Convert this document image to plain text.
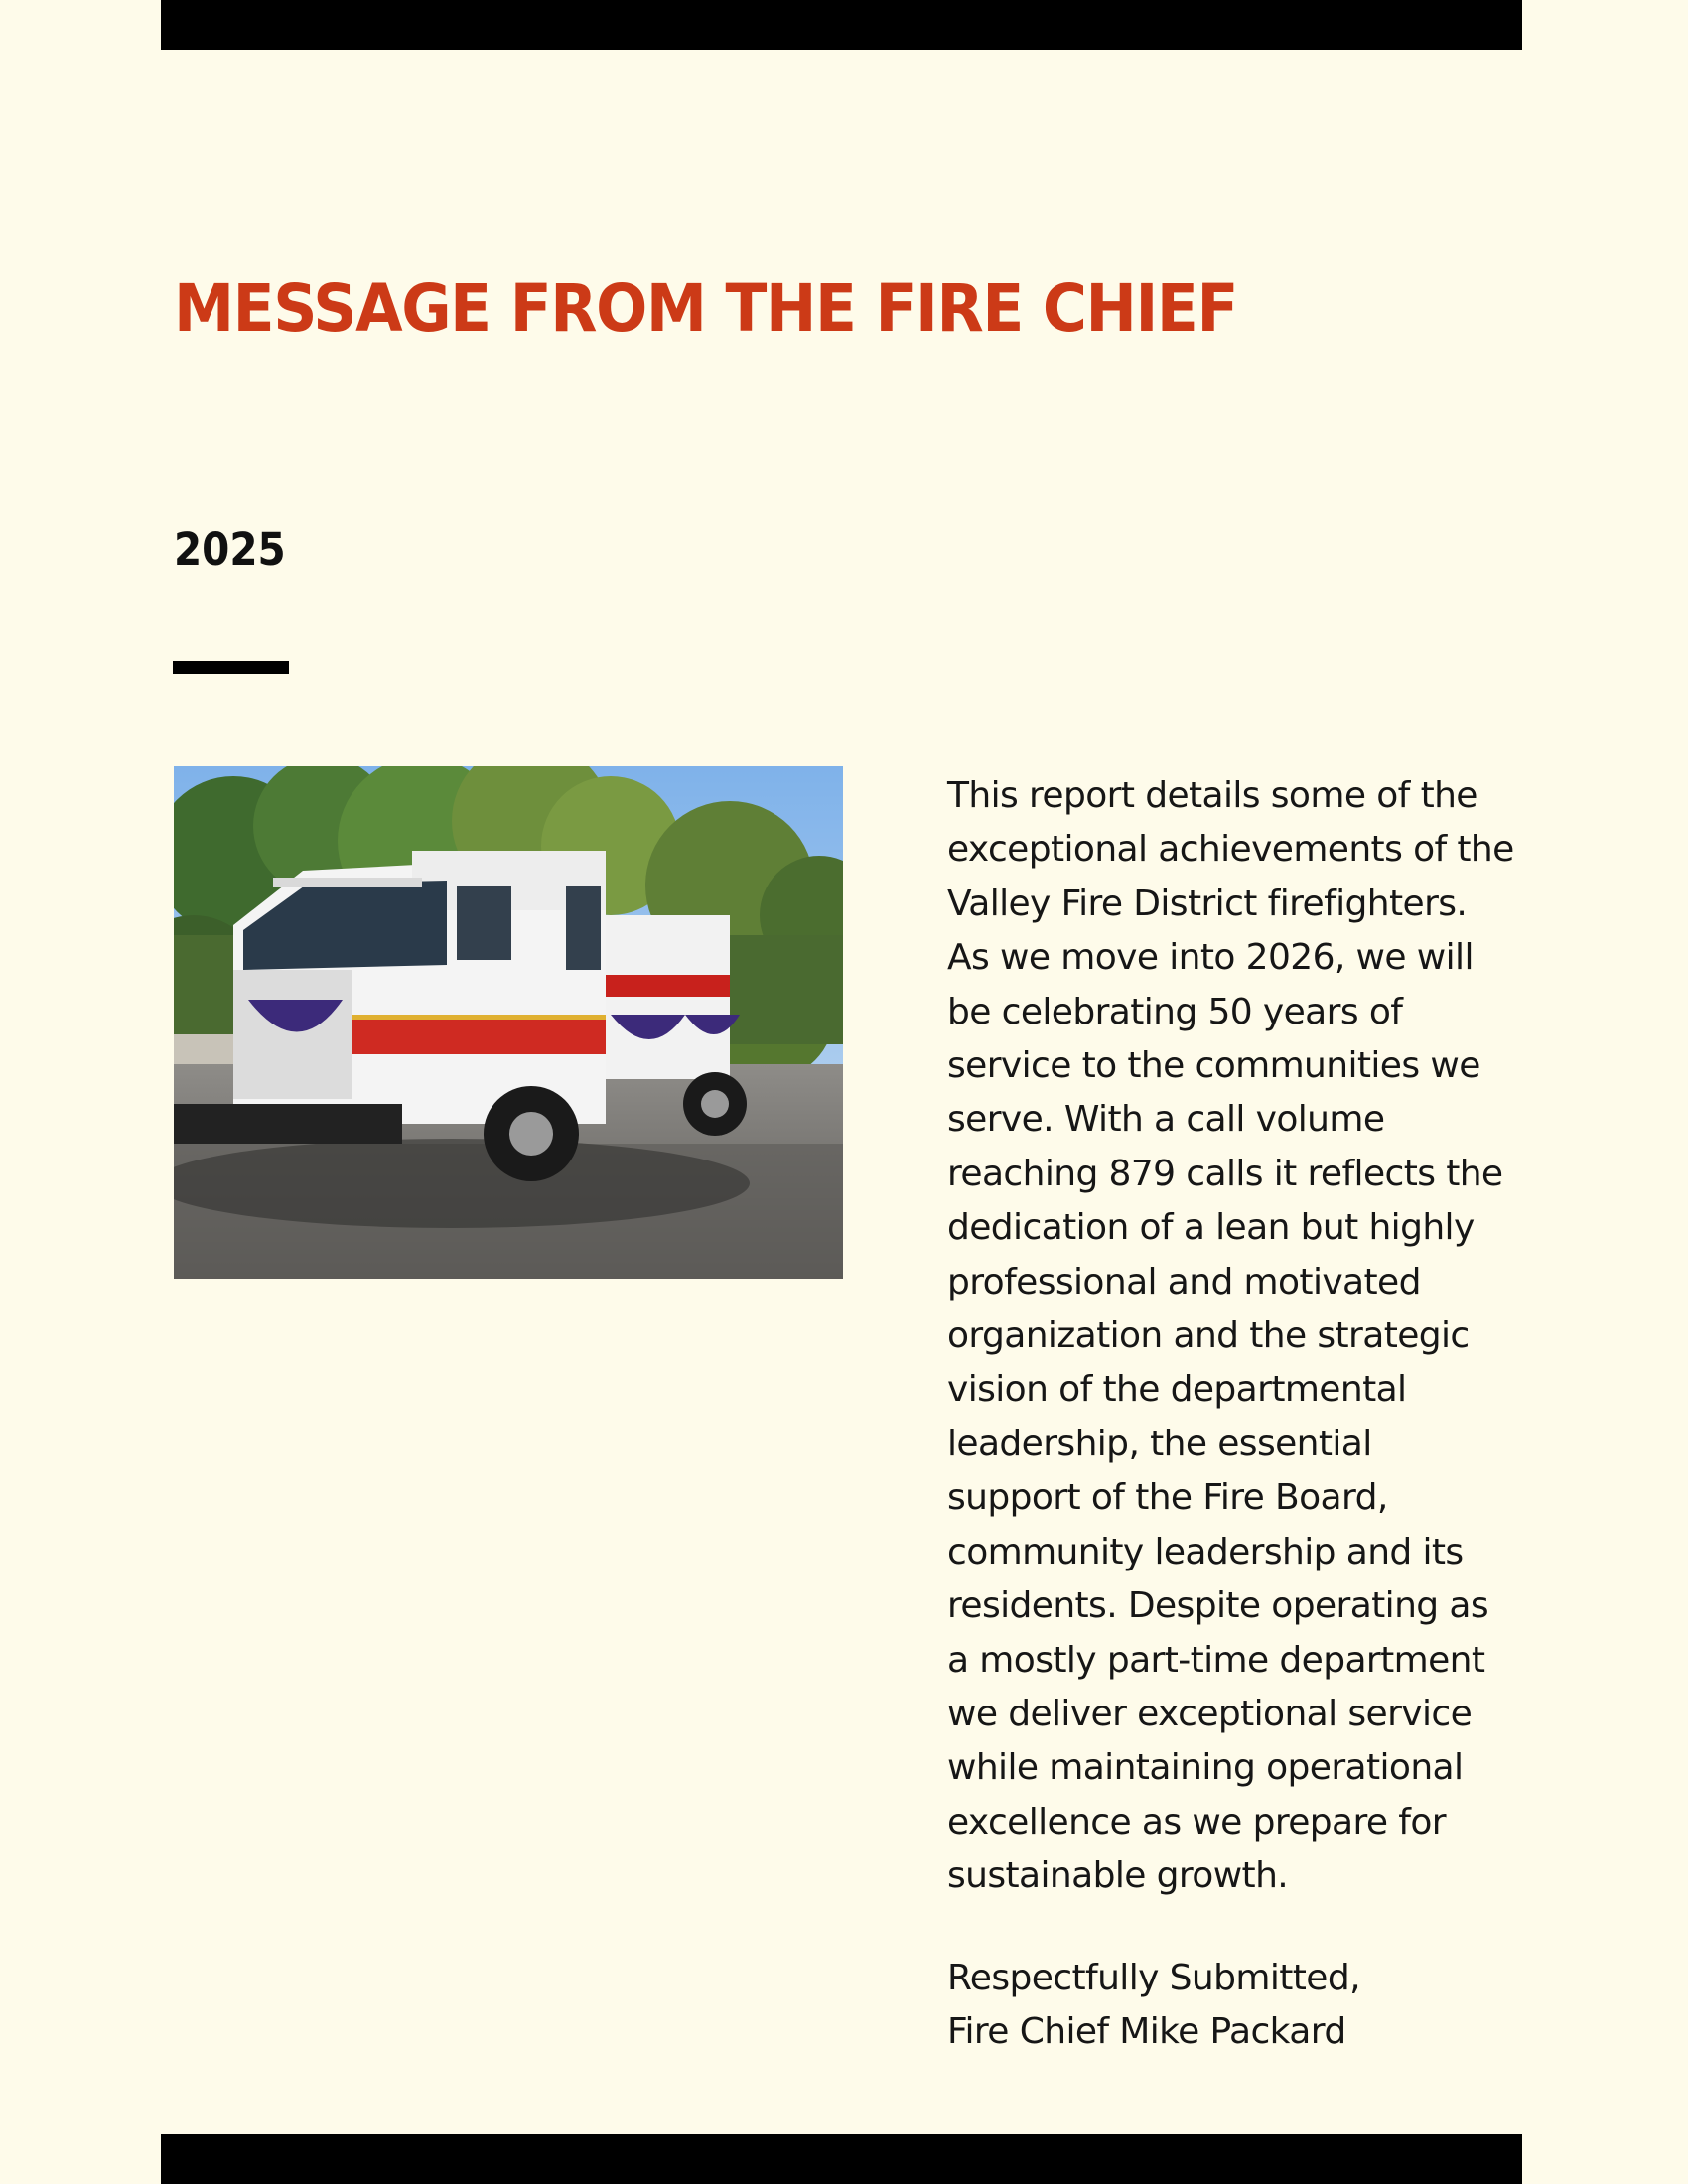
MESSAGE FROM THE FIRE CHIEF
2025
This report details some of the
exceptional achievements of the
Valley Fire District firefighters.
As we move into 2026, we will
be celebrating 50 years of
service to the communities we
serve. With a call volume
reaching 879 calls it reflects the
dedication of a lean but highly
professional and motivated
organization and the strategic
vision of the departmental
leadership, the essential
support of the Fire Board,
community leadership and its
residents. Despite operating as
a mostly part-time department
we deliver exceptional service
while maintaining operational
excellence as we prepare for
sustainable growth.
Respectfully Submitted,
Fire Chief Mike Packard
